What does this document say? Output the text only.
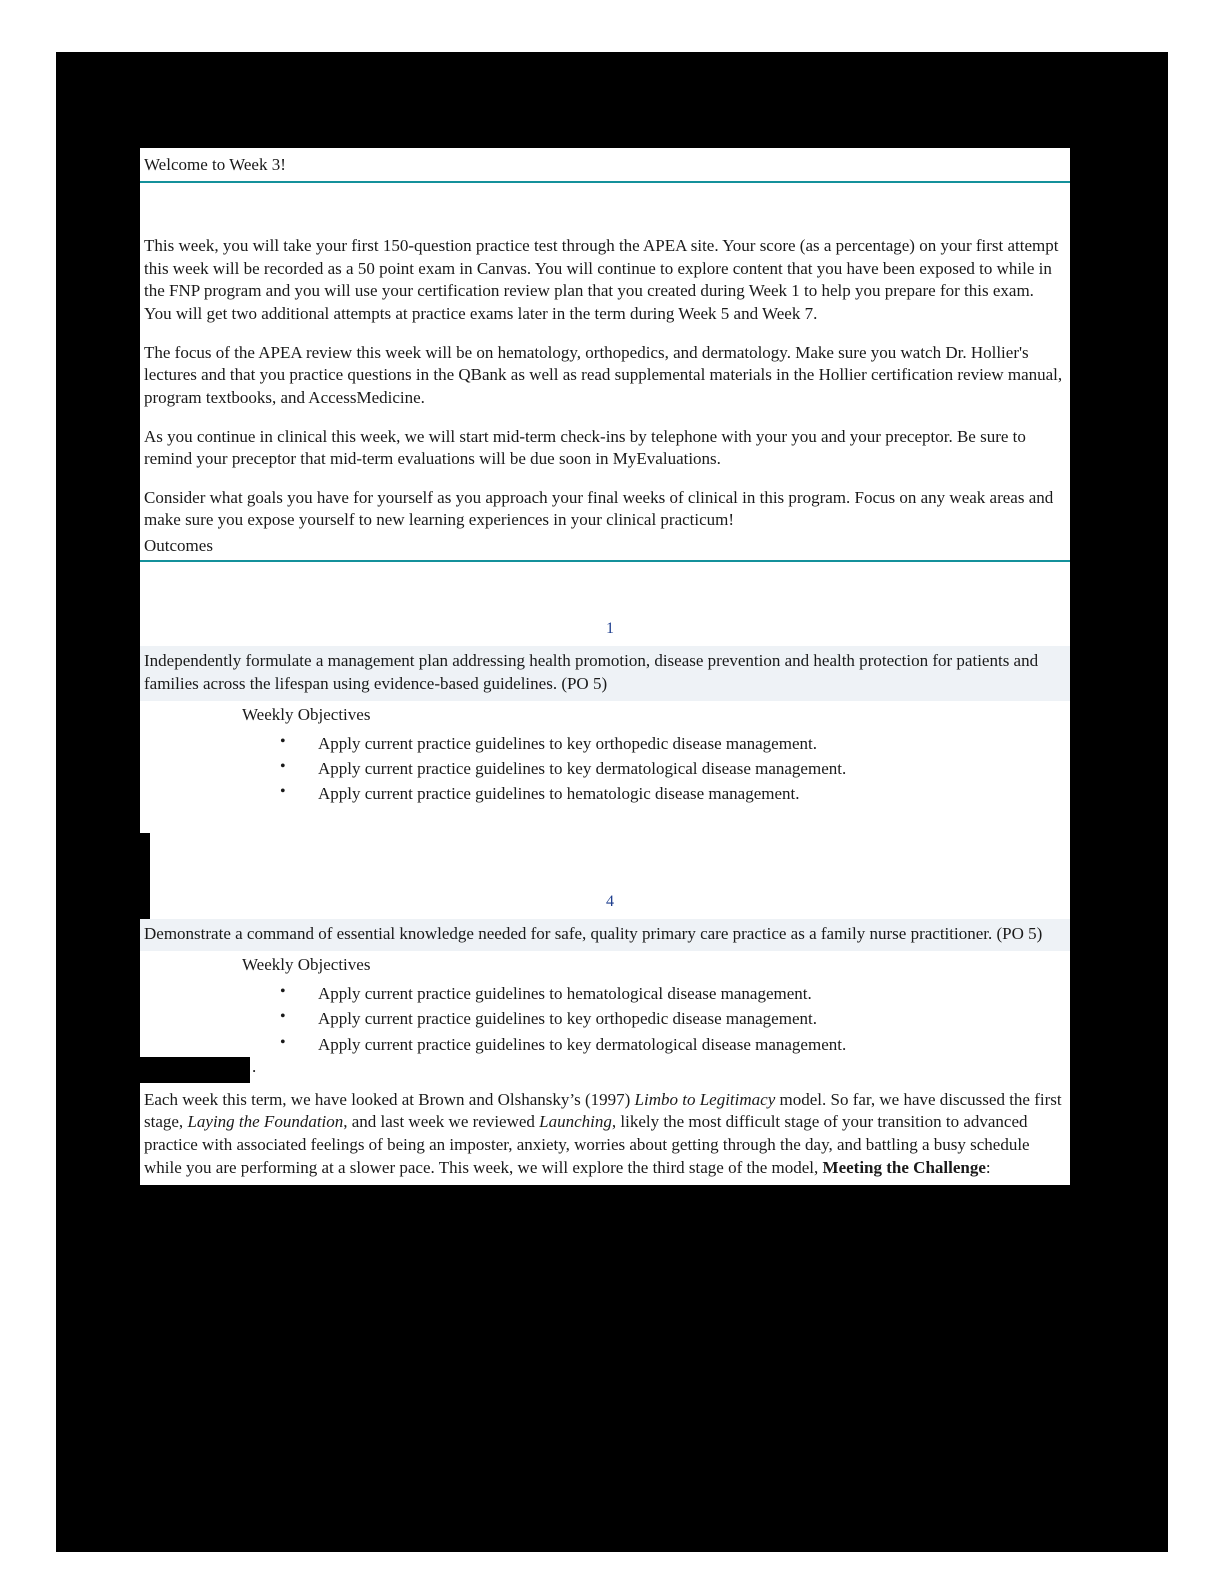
Welcome to Week 3!

This week, you will take your first 150-question practice test through the APEA site. Your score (as a percentage) on your first attempt this week will be recorded as a 50 point exam in Canvas. You will continue to explore content that you have been exposed to while in the FNP program and you will use your certification review plan that you created during Week 1 to help you prepare for this exam. You will get two additional attempts at practice exams later in the term during Week 5 and Week 7.

The focus of the APEA review this week will be on hematology, orthopedics, and dermatology. Make sure you watch Dr. Hollier's lectures and that you practice questions in the QBank as well as read supplemental materials in the Hollier certification review manual, program textbooks, and AccessMedicine.

As you continue in clinical this week, we will start mid-term check-ins by telephone with your you and your preceptor. Be sure to remind your preceptor that mid-term evaluations will be due soon in MyEvaluations.

Consider what goals you have for yourself as you approach your final weeks of clinical in this program. Focus on any weak areas and make sure you expose yourself to new learning experiences in your clinical practicum!

Outcomes
1
Independently formulate a management plan addressing health promotion, disease prevention and health protection for patients and families across the lifespan using evidence-based guidelines. (PO 5)
Weekly Objectives
• Apply current practice guidelines to key orthopedic disease management.
• Apply current practice guidelines to key dermatological disease management.
• Apply current practice guidelines to hematologic disease management.
4
Demonstrate a command of essential knowledge needed for safe, quality primary care practice as a family nurse practitioner. (PO 5)
Weekly Objectives
• Apply current practice guidelines to hematological disease management.
• Apply current practice guidelines to key orthopedic disease management.
• Apply current practice guidelines to key dermatological disease management.
.
Each week this term, we have looked at Brown and Olshansky’s (1997) Limbo to Legitimacy model. So far, we have discussed the first stage, Laying the Foundation, and last week we reviewed Launching, likely the most difficult stage of your transition to advanced practice with associated feelings of being an imposter, anxiety, worries about getting through the day, and battling a busy schedule while you are performing at a slower pace. This week, we will explore the third stage of the model, Meeting the Challenge:
